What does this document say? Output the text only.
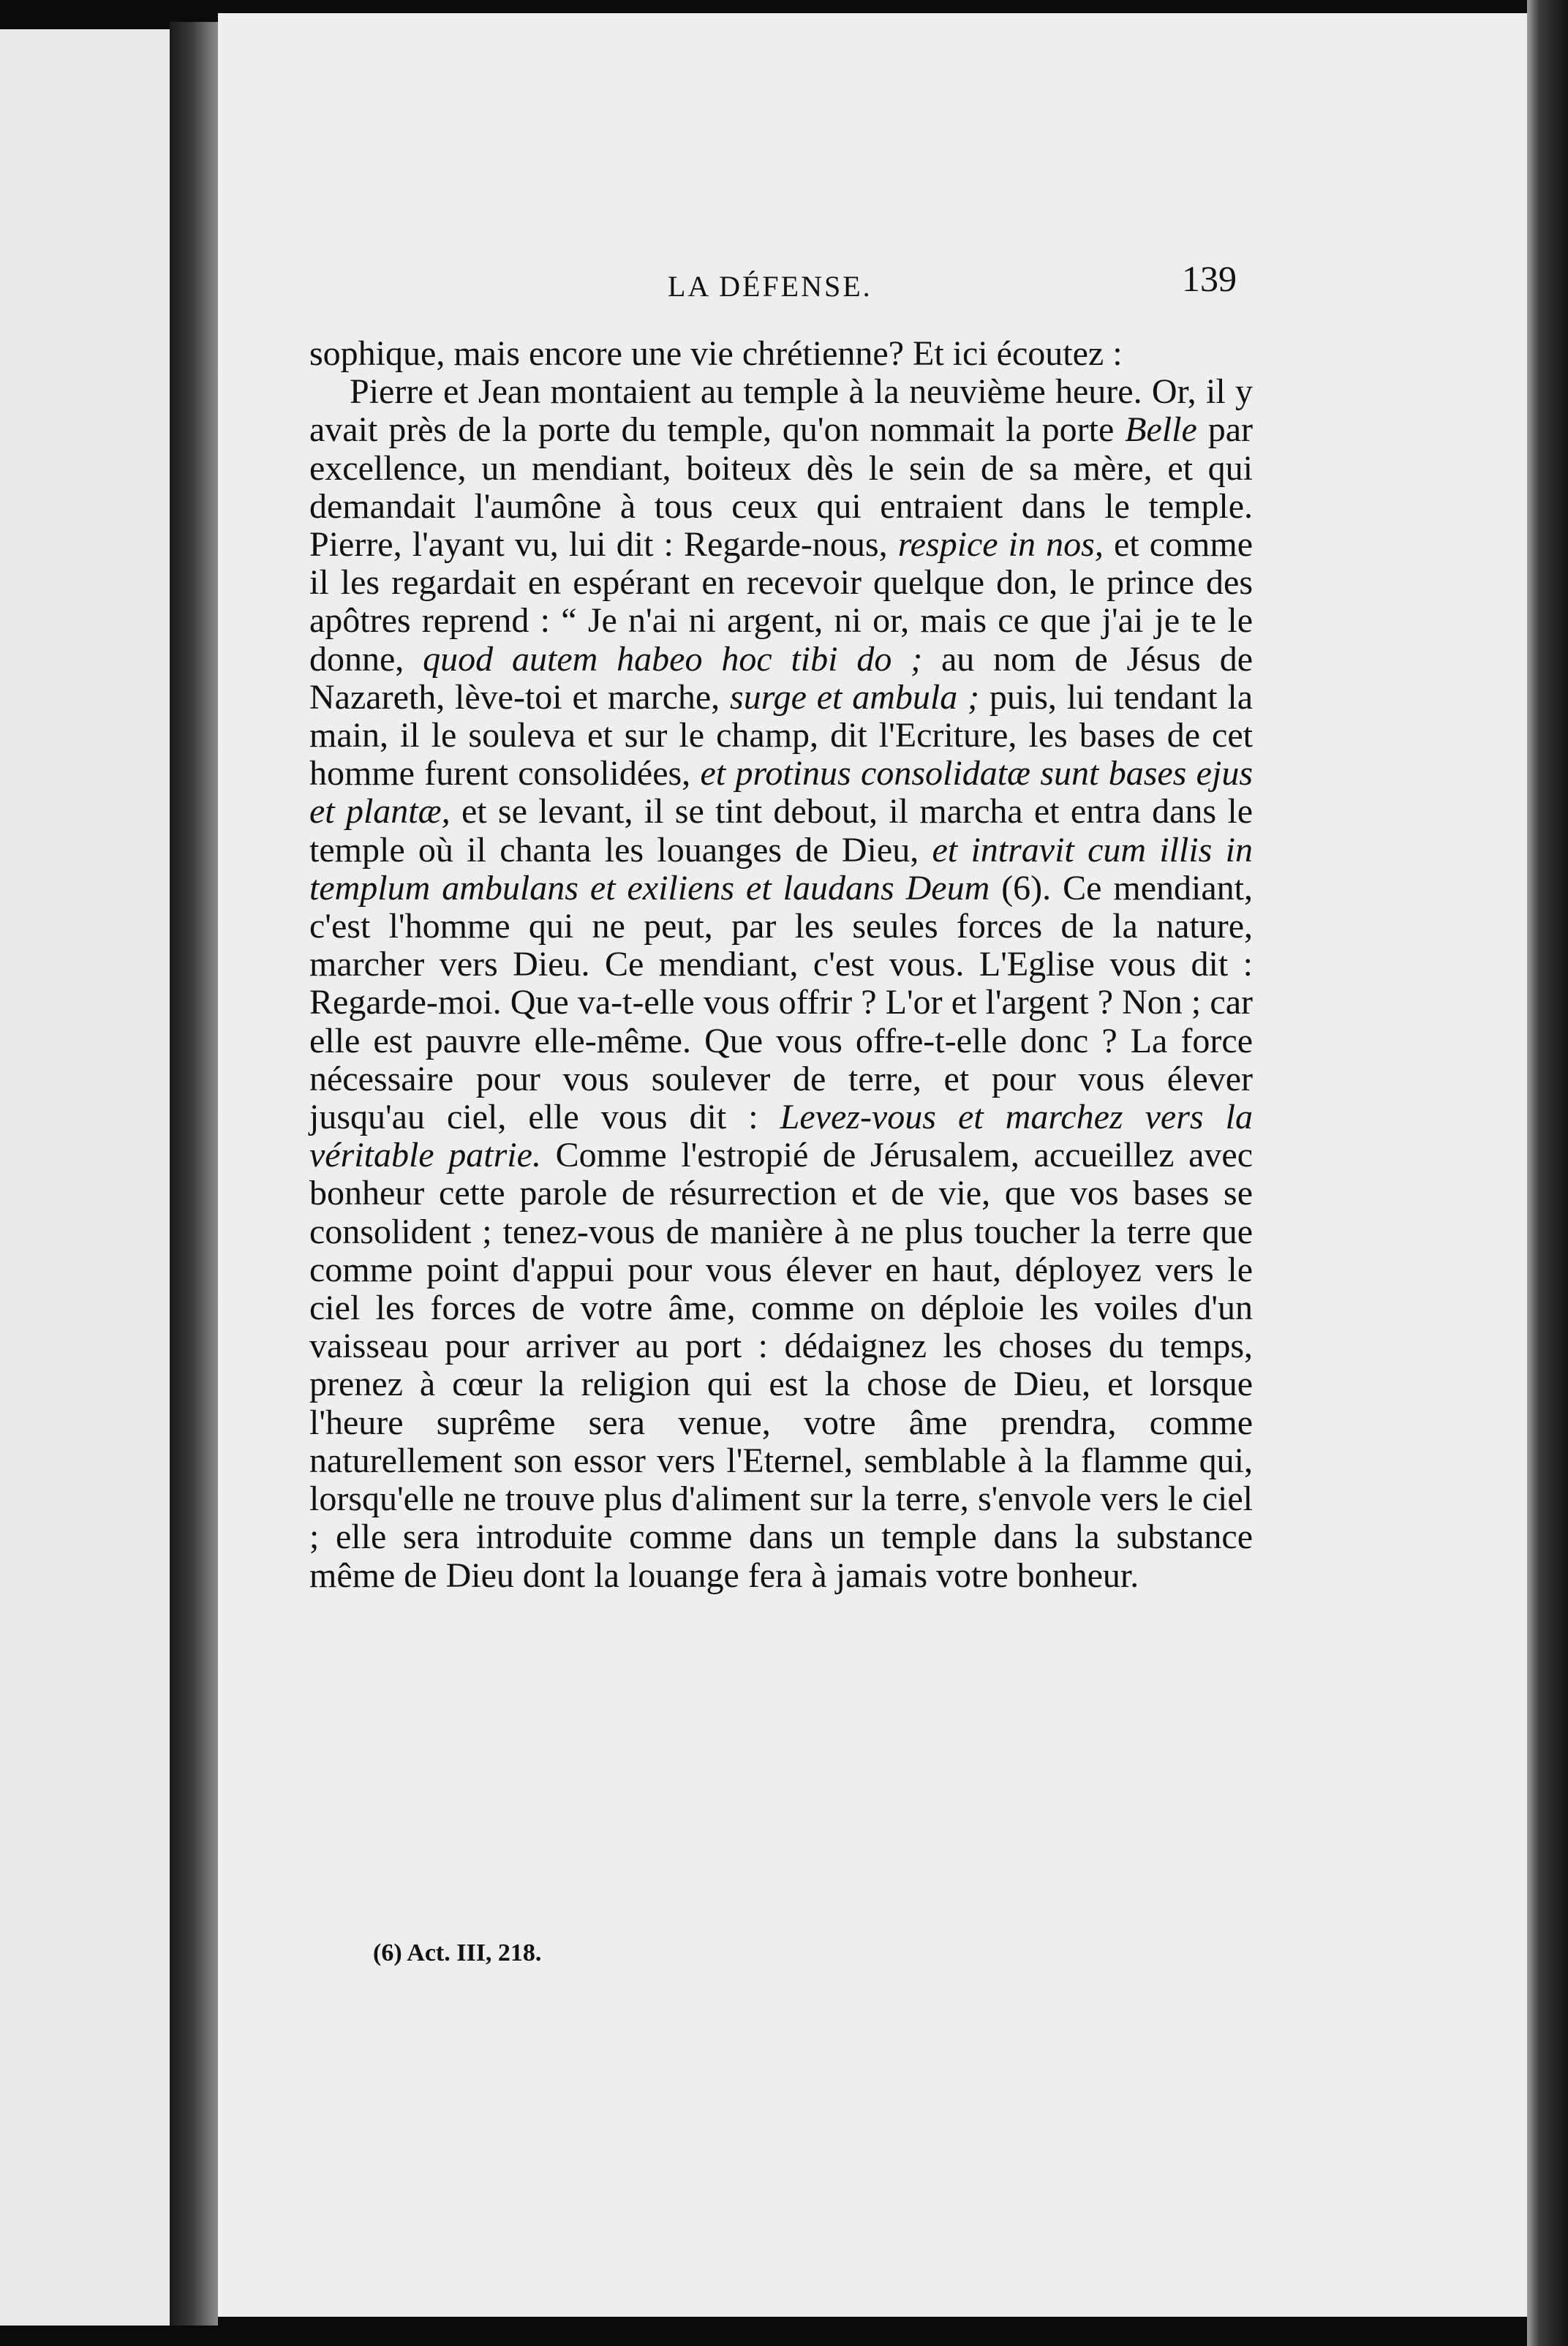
LA DÉFENSE.	139

sophique, mais encore une vie chrétienne? Et ici écoutez :

Pierre et Jean montaient au temple à la neuvième heure. Or, il y avait près de la porte du temple, qu'on nommait la porte Belle par excellence, un mendiant, boiteux dès le sein de sa mère, et qui demandait l'aumône à tous ceux qui entraient dans le temple. Pierre, l'ayant vu, lui dit : Regarde-nous, respice in nos, et comme il les regardait en espérant en recevoir quelque don, le prince des apôtres reprend : “ Je n'ai ni argent, ni or, mais ce que j'ai je te le donne, quod autem habeo hoc tibi do ; au nom de Jésus de Nazareth, lève-toi et marche, surge et ambula ; puis, lui tendant la main, il le souleva et sur le champ, dit l'Ecriture, les bases de cet homme furent consolidées, et protinus consolidatæ sunt bases ejus et plantæ, et se levant, il se tint debout, il marcha et entra dans le temple où il chanta les louanges de Dieu, et intravit cum illis in templum ambulans et exiliens et laudans Deum (6). Ce mendiant, c'est l'homme qui ne peut, par les seules forces de la nature, marcher vers Dieu. Ce mendiant, c'est vous. L'Eglise vous dit : Regarde-moi. Que va-t-elle vous offrir ? L'or et l'argent ? Non ; car elle est pauvre elle-même. Que vous offre-t-elle donc ? La force nécessaire pour vous soulever de terre, et pour vous élever jusqu'au ciel, elle vous dit : Levez-vous et marchez vers la véritable patrie. Comme l'estropié de Jérusalem, accueillez avec bonheur cette parole de résurrection et de vie, que vos bases se consolident ; tenez-vous de manière à ne plus toucher la terre que comme point d'appui pour vous élever en haut, déployez vers le ciel les forces de votre âme, comme on déploie les voiles d'un vaisseau pour arriver au port : dédaignez les choses du temps, prenez à cœur la religion qui est la chose de Dieu, et lorsque l'heure suprême sera venue, votre âme prendra, comme naturellement son essor vers l'Eternel, semblable à la flamme qui, lorsqu'elle ne trouve plus d'aliment sur la terre, s'envole vers le ciel ; elle sera introduite comme dans un temple dans la substance même de Dieu dont la louange fera à jamais votre bonheur.

(6) Act. III, 218.
